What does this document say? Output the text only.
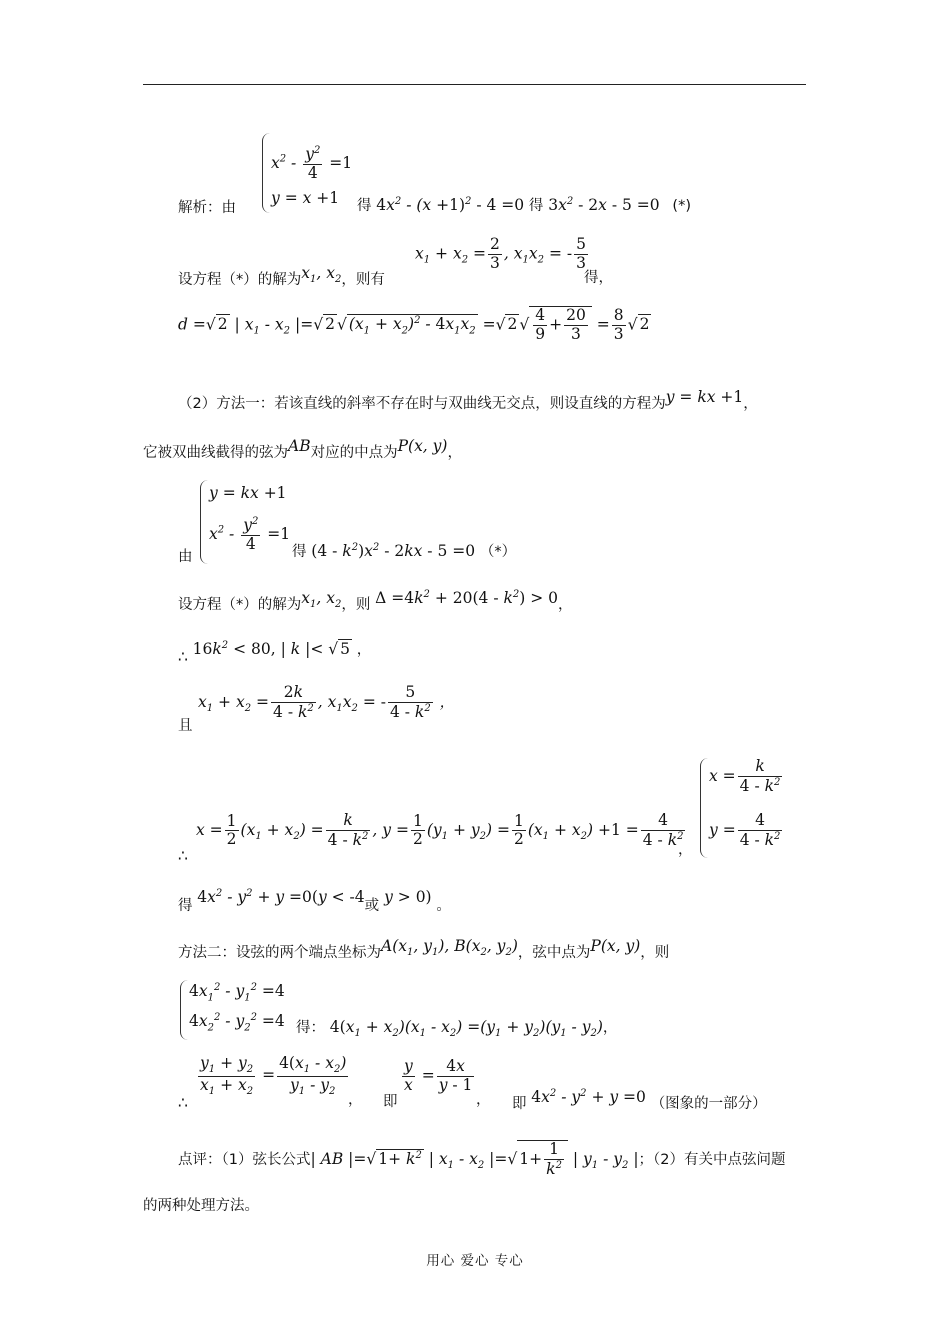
$x^2 - \frac{y^2}{4} =1$
y = x +1
解析：由	得 $4x^2 - (x +1)^2 - 4 =0$ 得 $3x^2 - 2x - 5 =0$ (*)
设方程（*）的解为$x_1$, $x_2$，则有
$x_1 + x_2 = \frac{2}{3}$ , $x_1x_2$ = - $\frac{5}{3}$
得，
d =√ 2 | $x_1 - x_2$ |=√ 2 √ $(x_1 + x_2)^2 - 4x_1x_2$ =√ 2 √ $\frac{4}{9} + \frac{20}{3} = \frac{8}{3}$ √ 2
（2）方法一：若该直线的斜率不存在时与双曲线无交点，则设直线的方程为y = kx +1，
它被双曲线截得的弦为AB对应的中点为P(x, y)，
y = kx +1
$x^2 - \frac{y^2}{4} =1$
由	得 $(4 - k^2)x^2 - 2kx - 5 =0$ （*）
设方程（*）的解为$x_1$, $x_2$，则 $\Delta =4k^2 + 20(4 - k^2) > 0$，
∴ $16k^2 < 80$, | k |< √ 5 ，
且
$x_1 + x_2 = \frac{2k}{4 - k^2}$ , $x_1x_2$ = - $\frac{5}{4 - k^2}$ ，
∴
$x = \frac{1}{2} (x_1 + x_2) = \frac{k}{4 - k^2}$ , $y = \frac{1}{2} (y_1 + y_2) = \frac{1}{2} (x_1 + x_2) +1 = \frac{4}{4 - k^2}$
，
$x = \frac{k}{4 - k^2}$
$y = \frac{4}{4 - k^2}$
得 $4x^2 - y^2 + y =0(y < -4$或 y > 0) 。
方法二：设弦的两个端点坐标为$A(x_1$, $y_1$), $B(x_2$, $y_2$)，弦中点为P(x, y)，则
$4x_1^2 - y_1^2 =4$
$4x_2^2 - y_2^2 =4$ 得： $4(x_1 + x_2)(x_1 - x_2) =(y_1 + y_2)(y_1 - y_2)$，
∴
$\frac{y_1 + y_2}{x_1 + x_2} = \frac{4(x_1 - x_2)}{y_1 - y_2}$
， 即
$\frac{y}{x} = \frac{4x}{y - 1}$
， 即 $4x^2 - y^2 + y =0$ （图象的一部分）
点评：（1）弦长公式| AB |=√ $1+ k^2$ | $x_1 - x_2$ |=√ $1+ \frac{1}{k^2}$ | $y_1 - y_2$ |；（2）有关中点弦问题
的两种处理方法。
用心 爱心 专心
